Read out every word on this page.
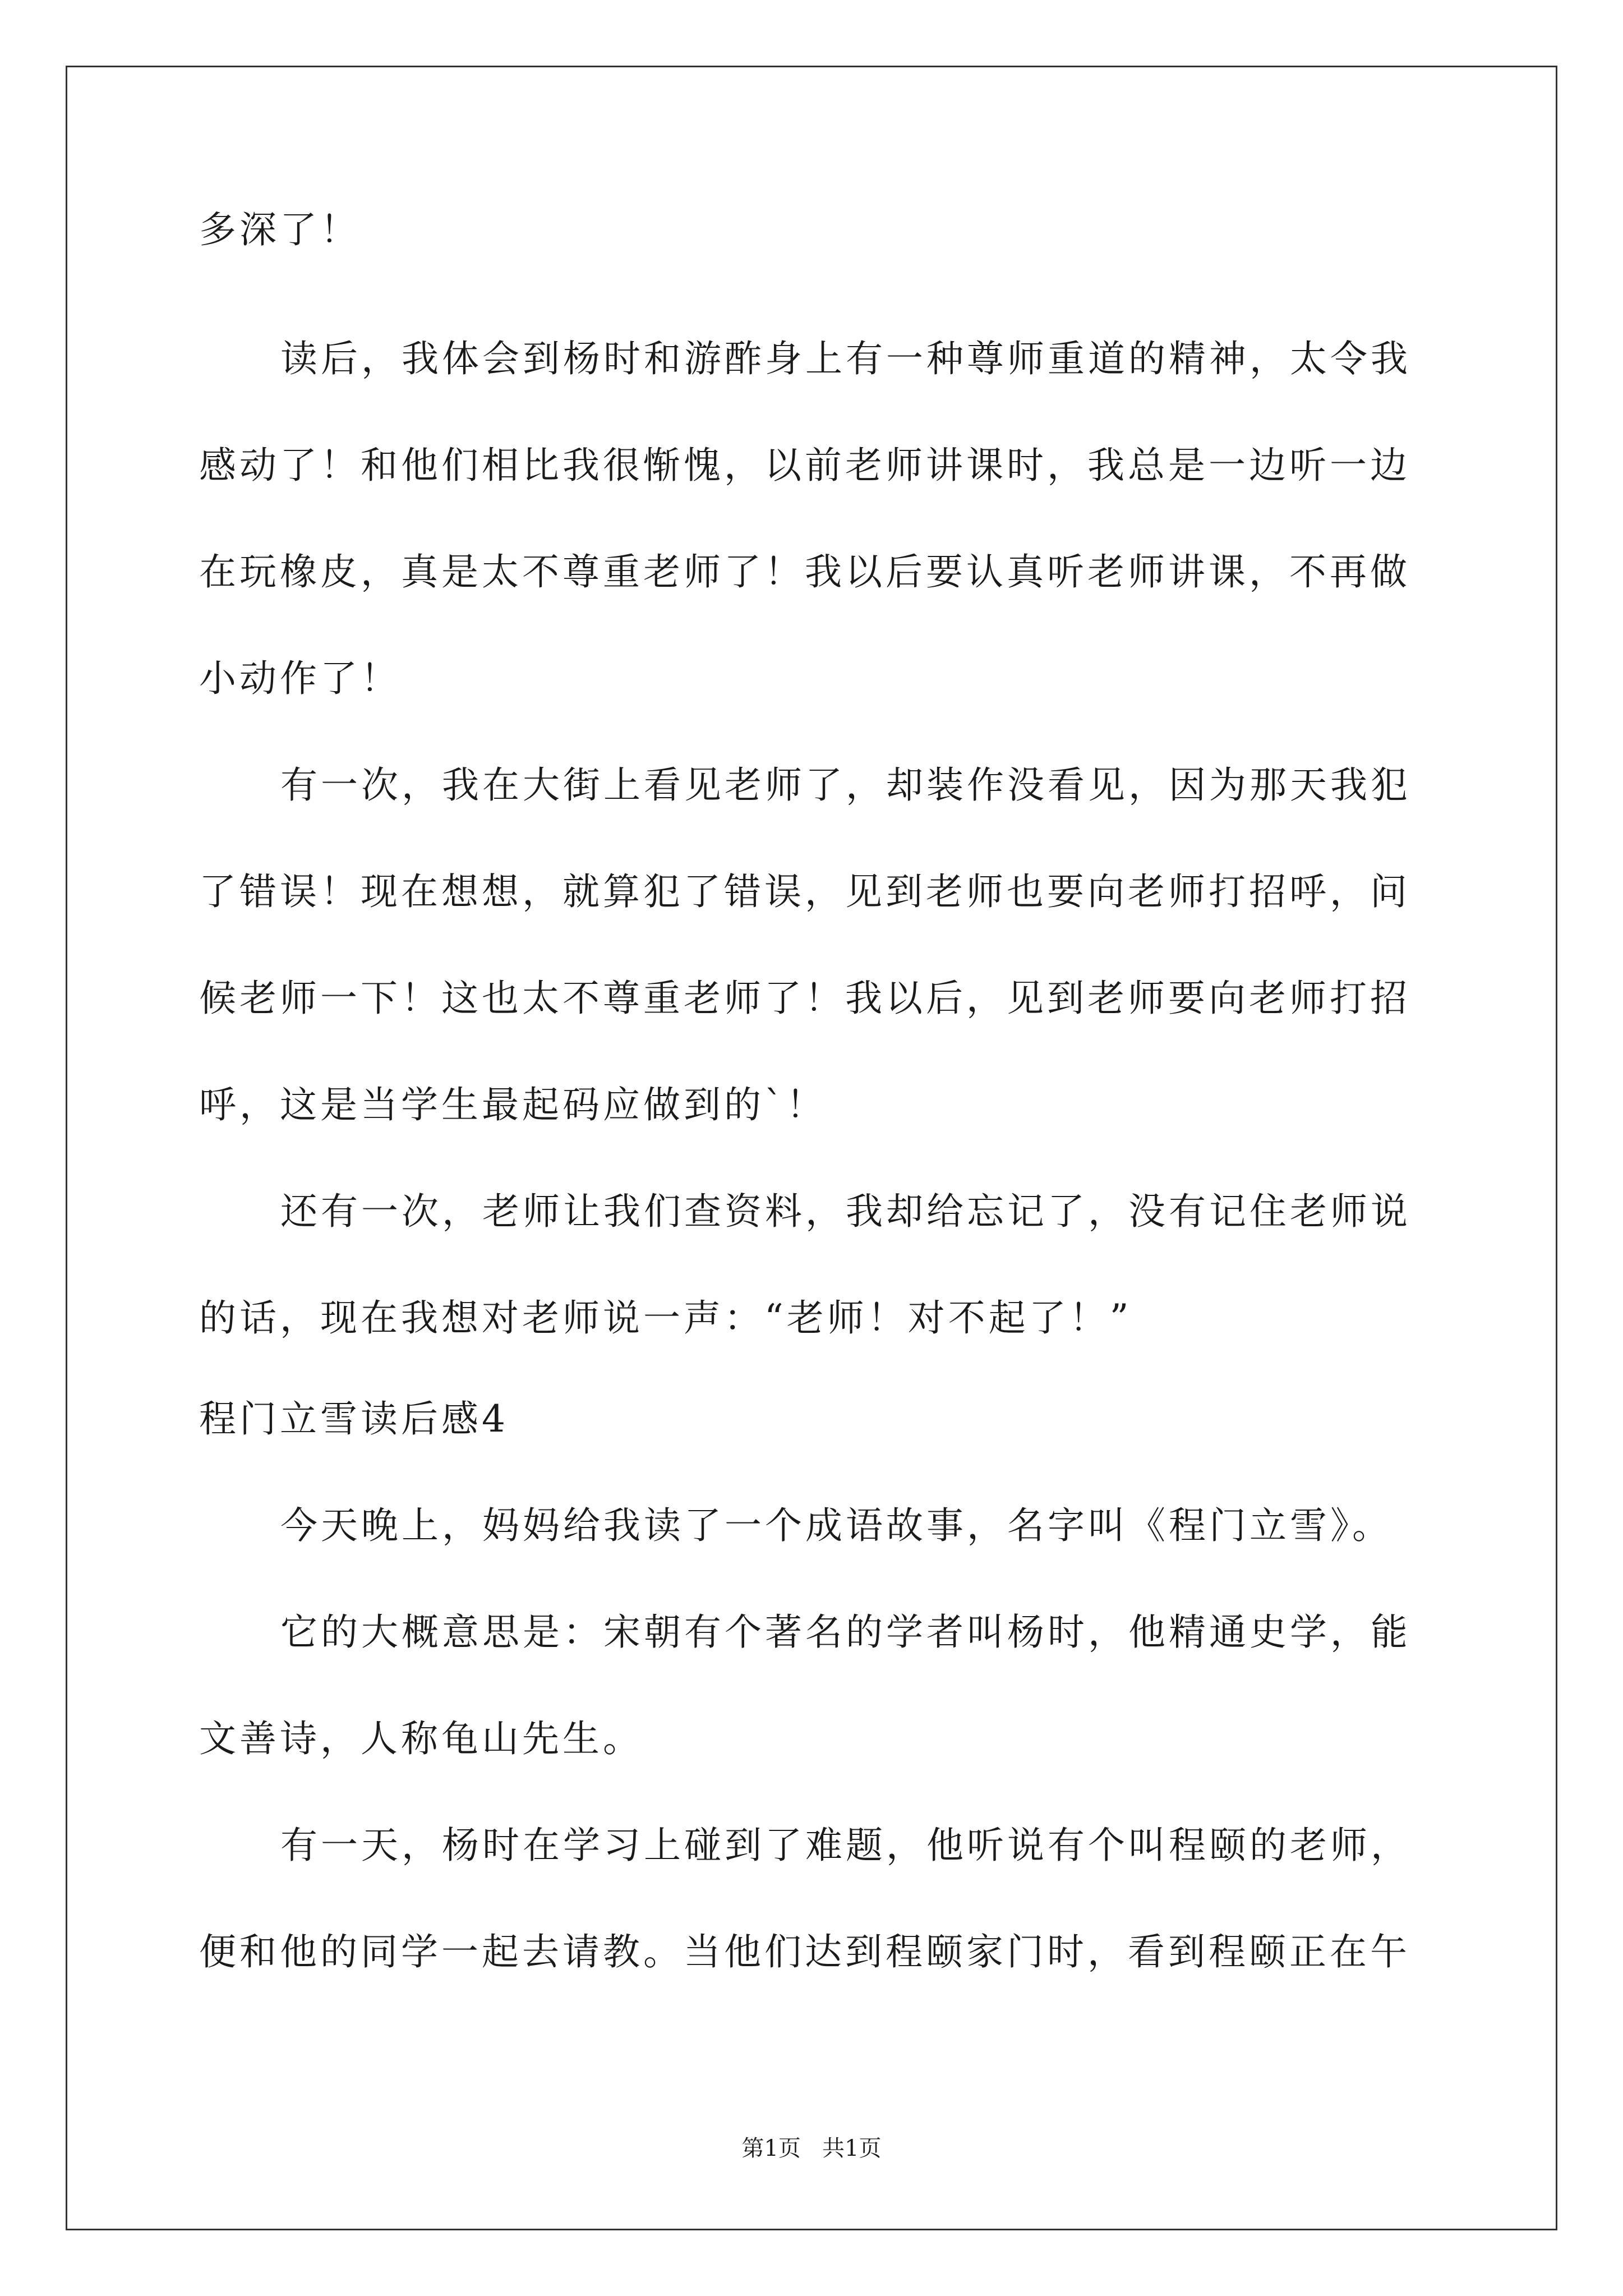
多深了！
读后，我体会到杨时和游酢身上有一种尊师重道的精神，太令我
感动了！和他们相比我很惭愧，以前老师讲课时，我总是一边听一边
在玩橡皮，真是太不尊重老师了！我以后要认真听老师讲课，不再做
小动作了！
有一次，我在大街上看见老师了，却装作没看见，因为那天我犯
了错误！现在想想，就算犯了错误，见到老师也要向老师打招呼，问
候老师一下！这也太不尊重老师了！我以后，见到老师要向老师打招
呼，这是当学生最起码应做到的`！
还有一次，老师让我们查资料，我却给忘记了，没有记住老师说
的话，现在我想对老师说一声：“老师！对不起了！”
程门立雪读后感4
今天晚上，妈妈给我读了一个成语故事，名字叫《程门立雪》。
它的大概意思是：宋朝有个著名的学者叫杨时，他精通史学，能
文善诗，人称龟山先生。
有一天，杨时在学习上碰到了难题，他听说有个叫程颐的老师，
便和他的同学一起去请教。当他们达到程颐家门时，看到程颐正在午
第1页   共1页
